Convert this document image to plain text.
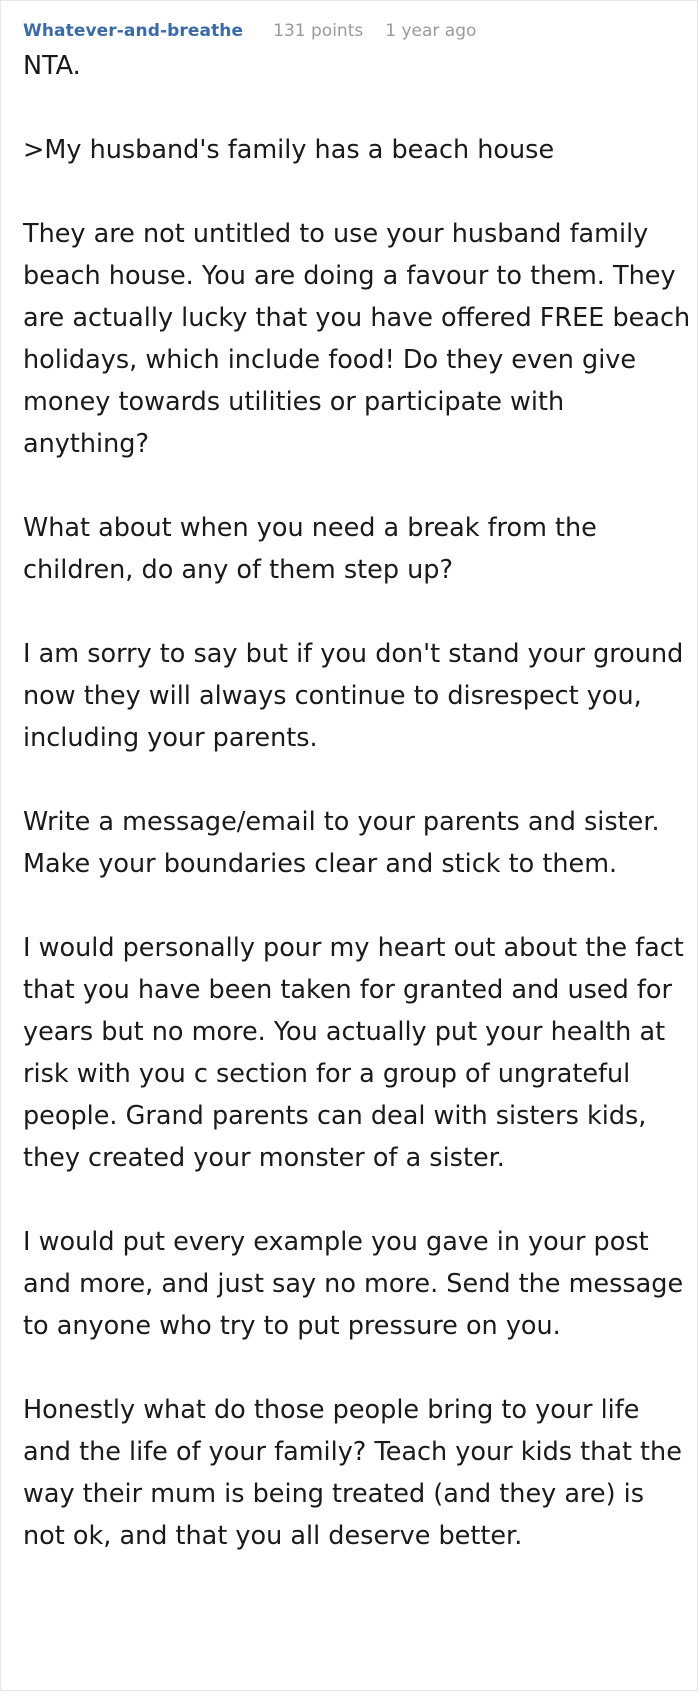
Whatever-and-breathe 131 points 1 year ago

NTA.

>My husband's family has a beach house

They are not untitled to use your husband family beach house. You are doing a favour to them. They are actually lucky that you have offered FREE beach holidays, which include food! Do they even give money towards utilities or participate with anything?

What about when you need a break from the children, do any of them step up?

I am sorry to say but if you don't stand your ground now they will always continue to disrespect you, including your parents.

Write a message/email to your parents and sister. Make your boundaries clear and stick to them.

I would personally pour my heart out about the fact that you have been taken for granted and used for years but no more. You actually put your health at risk with you c section for a group of ungrateful people. Grand parents can deal with sisters kids, they created your monster of a sister.

I would put every example you gave in your post and more, and just say no more. Send the message to anyone who try to put pressure on you.

Honestly what do those people bring to your life and the life of your family? Teach your kids that the way their mum is being treated (and they are) is not ok, and that you all deserve better.
